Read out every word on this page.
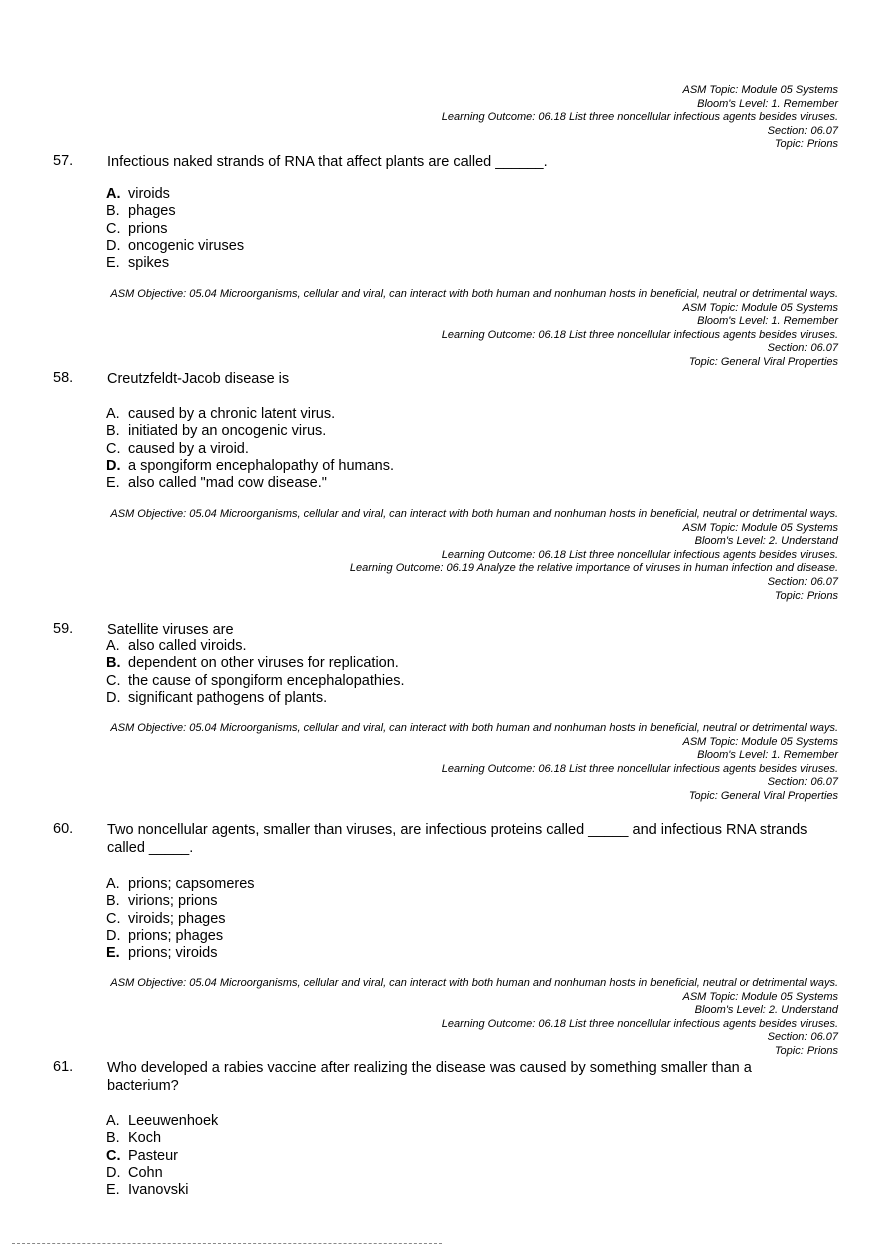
ASM Topic: Module 05 Systems
Bloom's Level: 1. Remember
Learning Outcome: 06.18 List three noncellular infectious agents besides viruses.
Section: 06.07
Topic: Prions
57. Infectious naked strands of RNA that affect plants are called ______.
A. viroids
B. phages
C. prions
D. oncogenic viruses
E. spikes
ASM Objective: 05.04 Microorganisms, cellular and viral, can interact with both human and nonhuman hosts in beneficial, neutral or detrimental ways.
ASM Topic: Module 05 Systems
Bloom's Level: 1. Remember
Learning Outcome: 06.18 List three noncellular infectious agents besides viruses.
Section: 06.07
Topic: General Viral Properties
58. Creutzfeldt-Jacob disease is
A. caused by a chronic latent virus.
B. initiated by an oncogenic virus.
C. caused by a viroid.
D. a spongiform encephalopathy of humans.
E. also called "mad cow disease."
ASM Objective: 05.04 Microorganisms, cellular and viral, can interact with both human and nonhuman hosts in beneficial, neutral or detrimental ways.
ASM Topic: Module 05 Systems
Bloom's Level: 2. Understand
Learning Outcome: 06.18 List three noncellular infectious agents besides viruses.
Learning Outcome: 06.19 Analyze the relative importance of viruses in human infection and disease.
Section: 06.07
Topic: Prions
59. Satellite viruses are
A. also called viroids.
B. dependent on other viruses for replication.
C. the cause of spongiform encephalopathies.
D. significant pathogens of plants.
ASM Objective: 05.04 Microorganisms, cellular and viral, can interact with both human and nonhuman hosts in beneficial, neutral or detrimental ways.
ASM Topic: Module 05 Systems
Bloom's Level: 1. Remember
Learning Outcome: 06.18 List three noncellular infectious agents besides viruses.
Section: 06.07
Topic: General Viral Properties
60. Two noncellular agents, smaller than viruses, are infectious proteins called _____ and infectious RNA strands called _____.
A. prions; capsomeres
B. virions; prions
C. viroids; phages
D. prions; phages
E. prions; viroids
ASM Objective: 05.04 Microorganisms, cellular and viral, can interact with both human and nonhuman hosts in beneficial, neutral or detrimental ways.
ASM Topic: Module 05 Systems
Bloom's Level: 2. Understand
Learning Outcome: 06.18 List three noncellular infectious agents besides viruses.
Section: 06.07
Topic: Prions
61. Who developed a rabies vaccine after realizing the disease was caused by something smaller than a bacterium?
A. Leeuwenhoek
B. Koch
C. Pasteur
D. Cohn
E. Ivanovski
